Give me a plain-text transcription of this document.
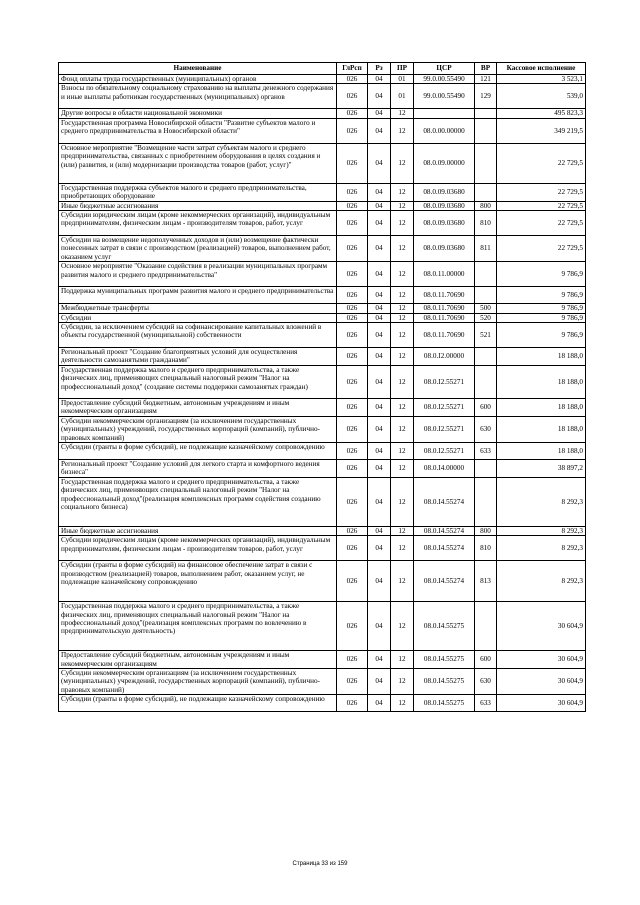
Наименование	ГлРсп	Рз	ПР	ЦСР	ВР	Кассовое исполнение
Фонд оплаты труда государственных (муниципальных) органов	026	04	01	99.0.00.55490	121	3 523,1
Взносы по обязательному социальному страхованию на выплаты денежного содержания и иные выплаты работникам государственных (муниципальных) органов	026	04	01	99.0.00.55490	129	539,0
Другие вопросы в области национальной экономики	026	04	12			495 823,3
Государственная программа Новосибирской области "Развитие субъектов малого и среднего предпринимательства в Новосибирской области"	026	04	12	08.0.00.00000		349 219,5
Основное мероприятие "Возмещение части затрат субъектам малого и среднего предпринимательства, связанных с приобретением оборудования в целях создания и (или) развития, и (или) модернизации производства товаров (работ, услуг)"	026	04	12	08.0.09.00000		22 729,5
Государственная поддержка субъектов малого и среднего предпринимательства, приобретающих оборудование	026	04	12	08.0.09.03680		22 729,5
Иные бюджетные ассигнования	026	04	12	08.0.09.03680	800	22 729,5
Субсидии юридическим лицам (кроме некоммерческих организаций), индивидуальным предпринимателям, физическим лицам - производителям товаров, работ, услуг	026	04	12	08.0.09.03680	810	22 729,5
Субсидии на возмещение недополученных доходов и (или) возмещение фактически понесенных затрат в связи с производством (реализацией) товаров, выполнением работ, оказанием услуг	026	04	12	08.0.09.03680	811	22 729,5
Основное мероприятие "Оказание содействия в реализации муниципальных программ развития малого и среднего предпринимательства"	026	04	12	08.0.11.00000		9 786,9
Поддержка муниципальных программ развития малого и среднего предпринимательства	026	04	12	08.0.11.70690		9 786,9
Межбюджетные трансферты	026	04	12	08.0.11.70690	500	9 786,9
Субсидии	026	04	12	08.0.11.70690	520	9 786,9
Субсидии, за исключением субсидий на софинансирование капитальных вложений в объекты государственной (муниципальной) собственности	026	04	12	08.0.11.70690	521	9 786,9
Региональный проект "Создание благоприятных условий для осуществления деятельности самозанятыми гражданами"	026	04	12	08.0.I2.00000		18 188,0
Государственная поддержка малого и среднего предпринимательства, а также физических лиц, применяющих специальный налоговый режим "Налог на профессиональный доход" (создание системы поддержки самозанятых граждан)	026	04	12	08.0.I2.55271		18 188,0
Предоставление субсидий бюджетным, автономным учреждениям и иным некоммерческим организациям	026	04	12	08.0.I2.55271	600	18 188,0
Субсидии некоммерческим организациям (за исключением государственных (муниципальных) учреждений, государственных корпораций (компаний), публично-правовых компаний)	026	04	12	08.0.I2.55271	630	18 188,0
Субсидии (гранты в форме субсидий), не подлежащие казначейскому сопровождению	026	04	12	08.0.I2.55271	633	18 188,0
Региональный проект "Создание условий для легкого старта и комфортного ведения бизнеса"	026	04	12	08.0.I4.00000		38 897,2
Государственная поддержка малого и среднего предпринимательства, а также физических лиц, применяющих специальный налоговый режим "Налог на профессиональный доход"(реализация комплексных программ содействия созданию социального бизнеса)	026	04	12	08.0.I4.55274		8 292,3
Иные бюджетные ассигнования	026	04	12	08.0.I4.55274	800	8 292,3
Субсидии юридическим лицам (кроме некоммерческих организаций), индивидуальным предпринимателям, физическим лицам - производителям товаров, работ, услуг	026	04	12	08.0.I4.55274	810	8 292,3
Субсидии (гранты в форме субсидий) на финансовое обеспечение затрат в связи с производством (реализацией) товаров, выполнением работ, оказанием услуг, не подлежащие казначейскому сопровождению	026	04	12	08.0.I4.55274	813	8 292,3
Государственная поддержка малого и среднего предпринимательства, а также физических лиц, применяющих специальный налоговый режим "Налог на профессиональный доход"(реализация комплексных программ по вовлечению в предпринимательскую деятельность)	026	04	12	08.0.I4.55275		30 604,9
Предоставление субсидий бюджетным, автономным учреждениям и иным некоммерческим организациям	026	04	12	08.0.I4.55275	600	30 604,9
Субсидии некоммерческим организациям (за исключением государственных (муниципальных) учреждений, государственных корпораций (компаний), публично-правовых компаний)	026	04	12	08.0.I4.55275	630	30 604,9
Субсидии (гранты в форме субсидий), не подлежащие казначейскому сопровождению	026	04	12	08.0.I4.55275	633	30 604,9
Страница 33 из 159
